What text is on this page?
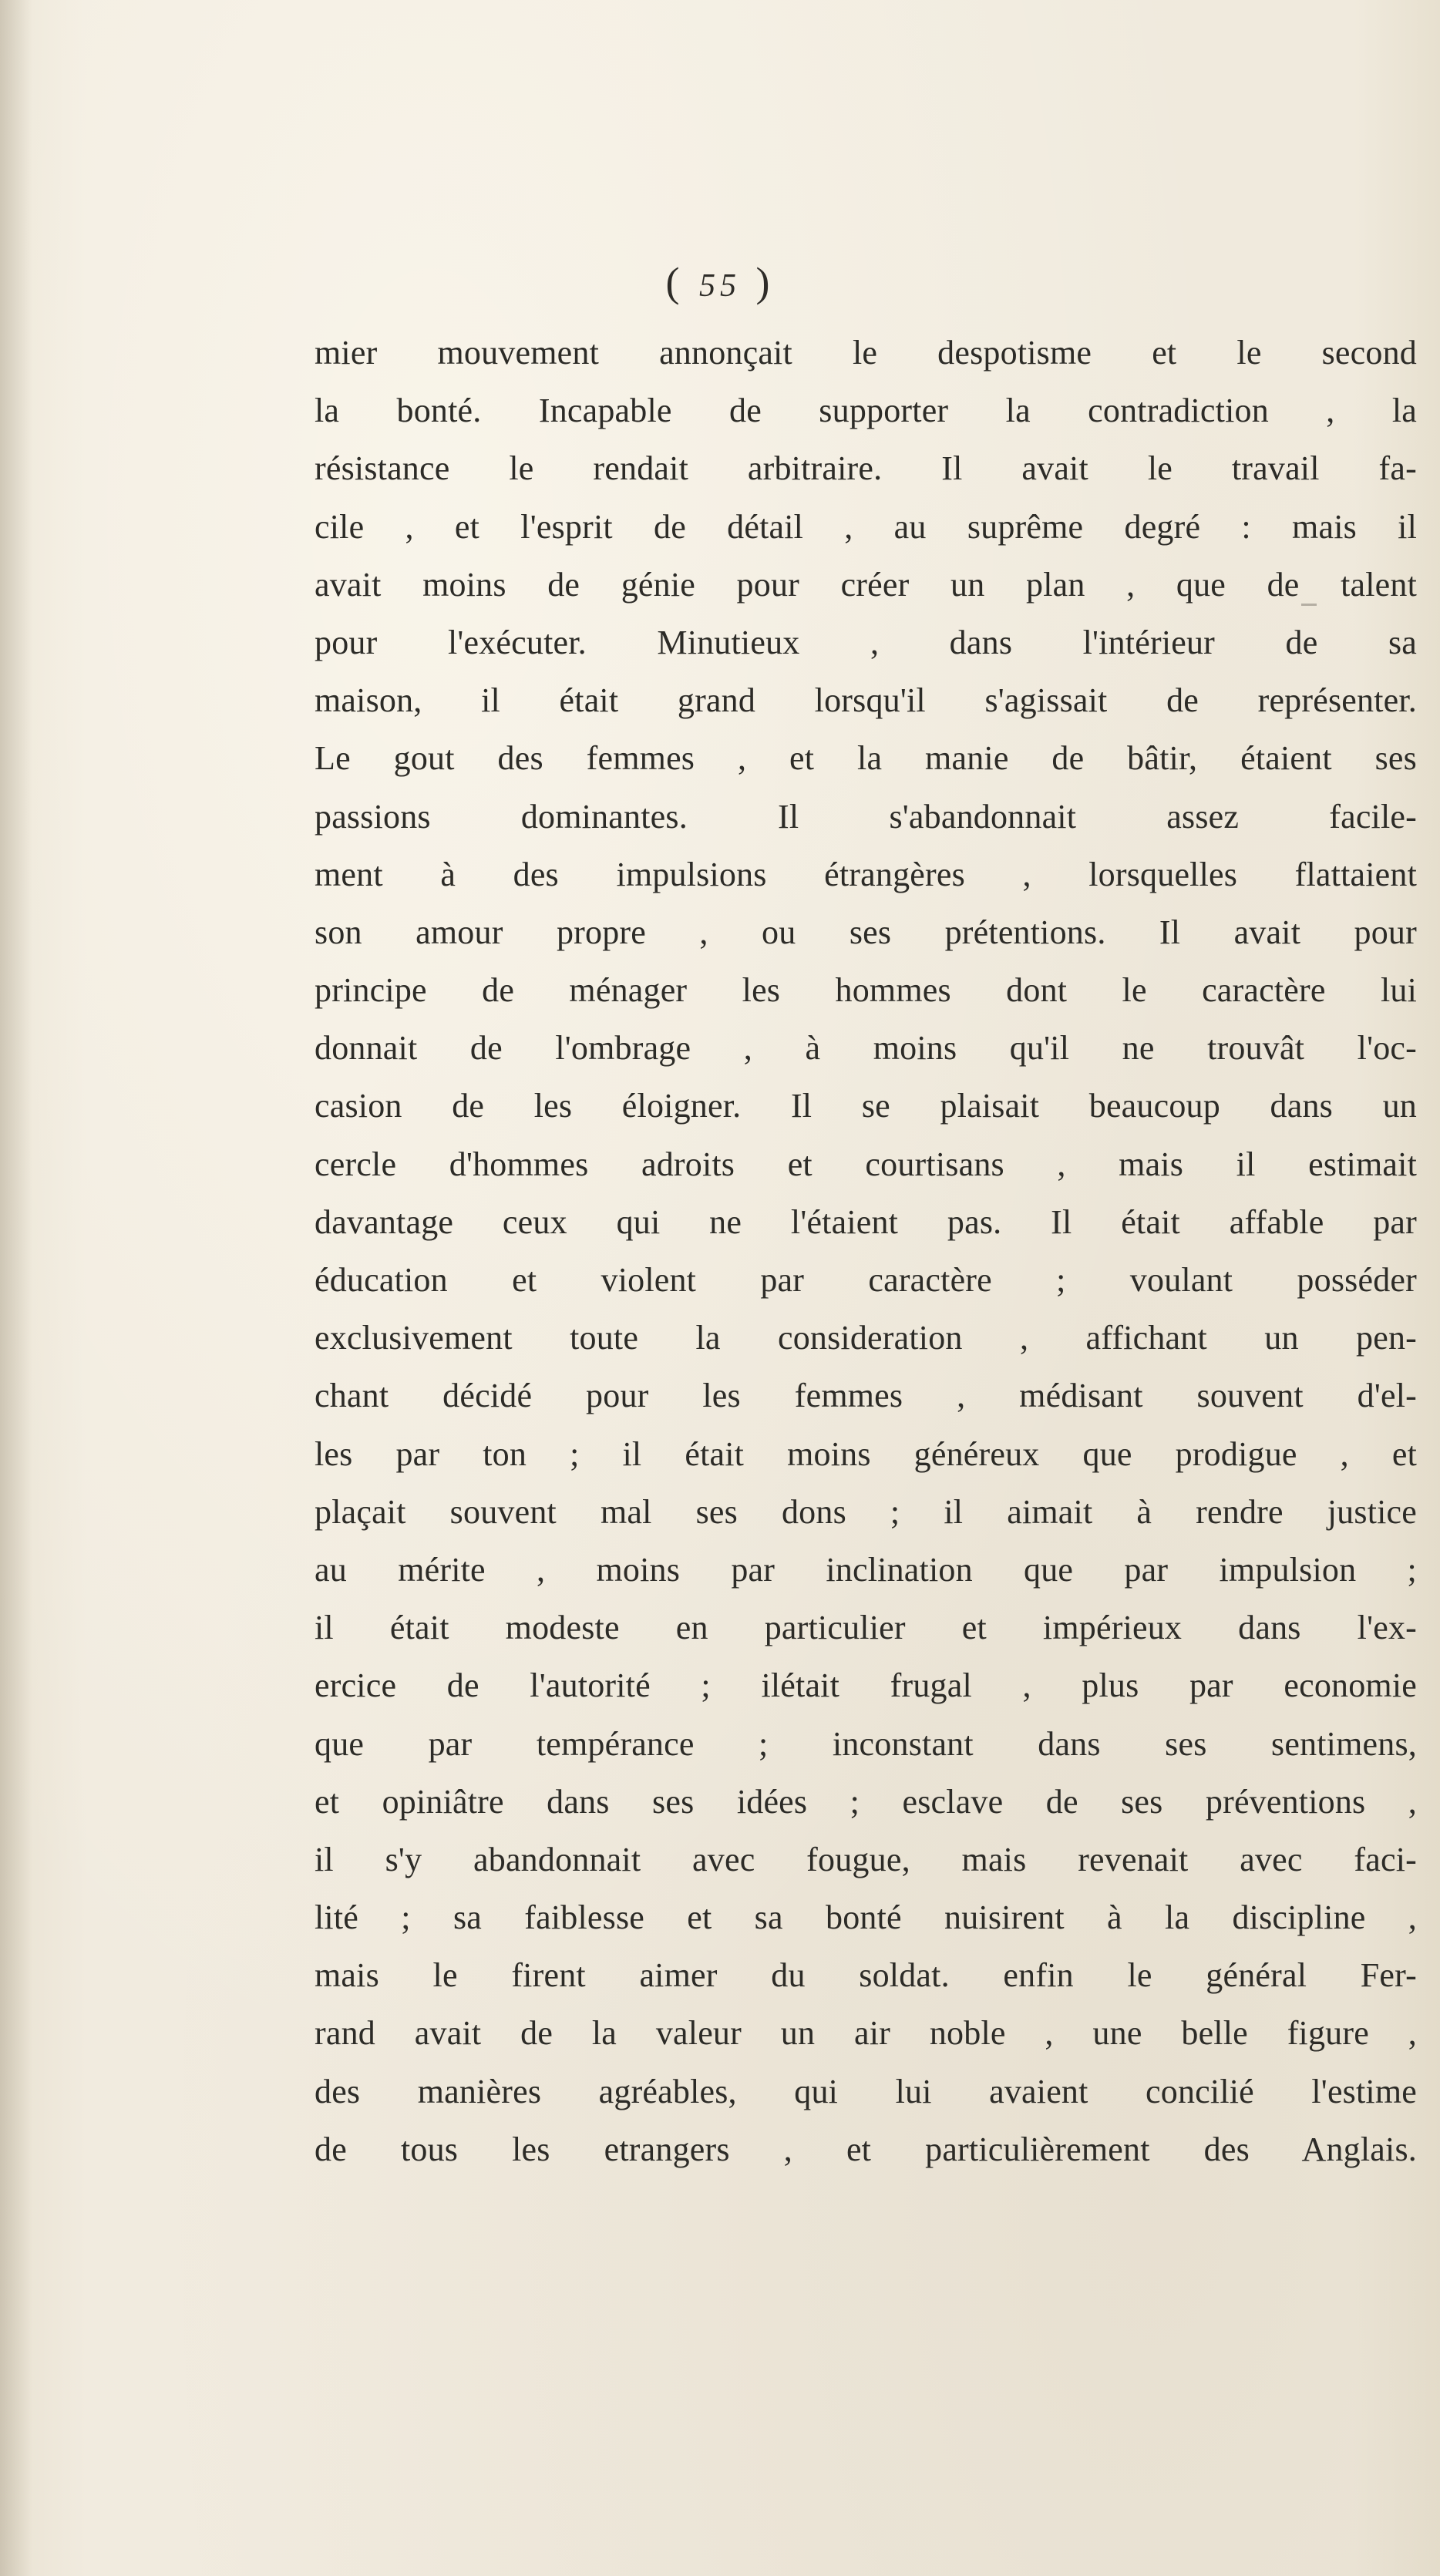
( 55 )
mier mouvement annonçait le despotisme et le second
la bonté. Incapable de supporter la contradiction , la
résistance le rendait arbitraire. Il avait le travail fa-
cile , et l'esprit de détail , au suprême degré : mais il
avait moins de génie pour créer un plan , que de talent
pour l'exécuter. Minutieux , dans l'intérieur de sa
maison, il était grand lorsqu'il s'agissait de représenter.
Le gout des femmes , et la manie de bâtir, étaient ses
passions dominantes. Il s'abandonnait assez facile-
ment à des impulsions étrangères , lorsquelles flattaient
son amour propre , ou ses prétentions. Il avait pour
principe de ménager les hommes dont le caractère lui
donnait de l'ombrage , à moins qu'il ne trouvât l'oc-
casion de les éloigner. Il se plaisait beaucoup dans un
cercle d'hommes adroits et courtisans , mais il estimait
davantage ceux qui ne l'étaient pas. Il était affable par
éducation et violent par caractère ; voulant posséder
exclusivement toute la consideration , affichant un pen-
chant décidé pour les femmes , médisant souvent d'el-
les par ton ; il était moins généreux que prodigue , et
plaçait souvent mal ses dons ; il aimait à rendre justice
au mérite , moins par inclination que par impulsion ;
il était modeste en particulier et impérieux dans l'ex-
ercice de l'autorité ; ilétait frugal , plus par economie
que par tempérance ; inconstant dans ses sentimens,
et opiniâtre dans ses idées ; esclave de ses préventions ,
il s'y abandonnait avec fougue, mais revenait avec faci-
lité ; sa faiblesse et sa bonté nuisirent à la discipline ,
mais le firent aimer du soldat. enfin le général Fer-
rand avait de la valeur un air noble , une belle figure ,
des manières agréables, qui lui avaient concilié l'estime
de tous les etrangers , et particulièrement des Anglais.
